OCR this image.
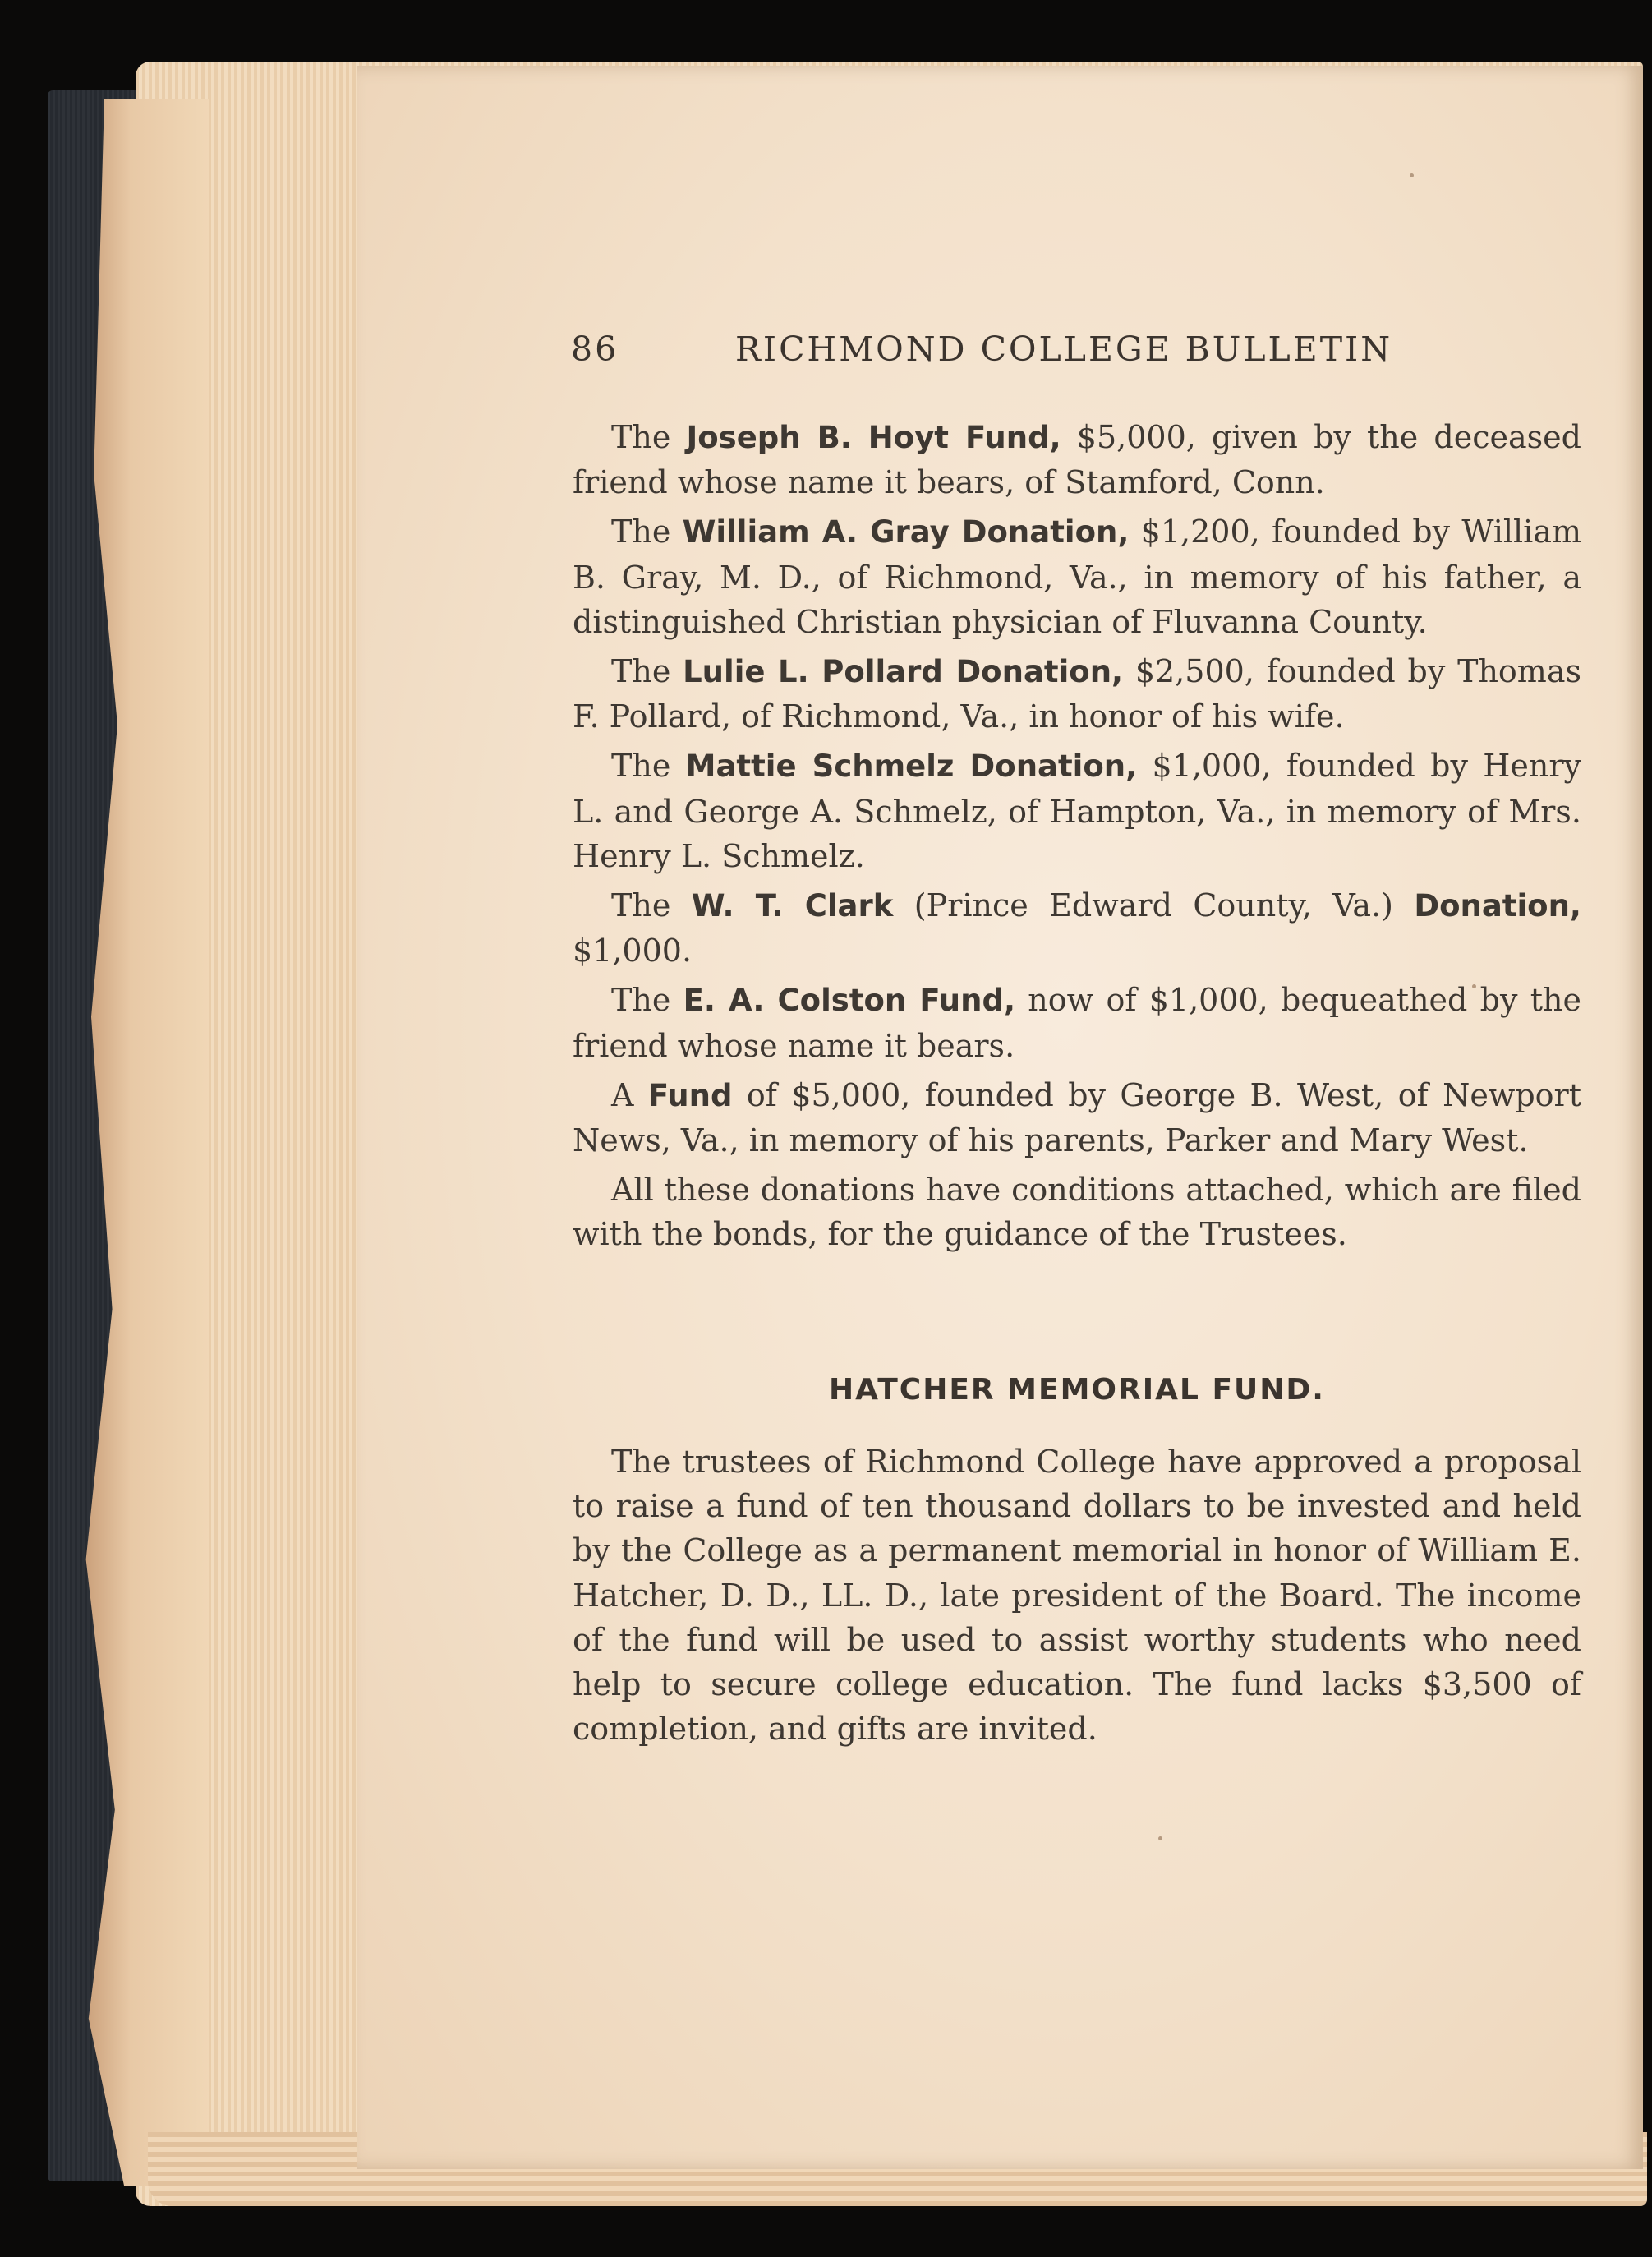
86	RICHMOND COLLEGE BULLETIN

The Joseph B. Hoyt Fund, $5,000, given by the deceased friend whose name it bears, of Stamford, Conn.

The William A. Gray Donation, $1,200, founded by William B. Gray, M. D., of Richmond, Va., in memory of his father, a distinguished Christian physician of Fluvanna County.

The Lulie L. Pollard Donation, $2,500, founded by Thomas F. Pollard, of Richmond, Va., in honor of his wife.

The Mattie Schmelz Donation, $1,000, founded by Henry L. and George A. Schmelz, of Hampton, Va., in memory of Mrs. Henry L. Schmelz.

The W. T. Clark (Prince Edward County, Va.) Donation, $1,000.

The E. A. Colston Fund, now of $1,000, bequeathed by the friend whose name it bears.

A Fund of $5,000, founded by George B. West, of Newport News, Va., in memory of his parents, Parker and Mary West.

All these donations have conditions attached, which are filed with the bonds, for the guidance of the Trustees.

HATCHER MEMORIAL FUND.

The trustees of Richmond College have approved a proposal to raise a fund of ten thousand dollars to be invested and held by the College as a permanent memorial in honor of William E. Hatcher, D. D., LL. D., late president of the Board. The income of the fund will be used to assist worthy students who need help to secure college education. The fund lacks $3,500 of completion, and gifts are invited.
